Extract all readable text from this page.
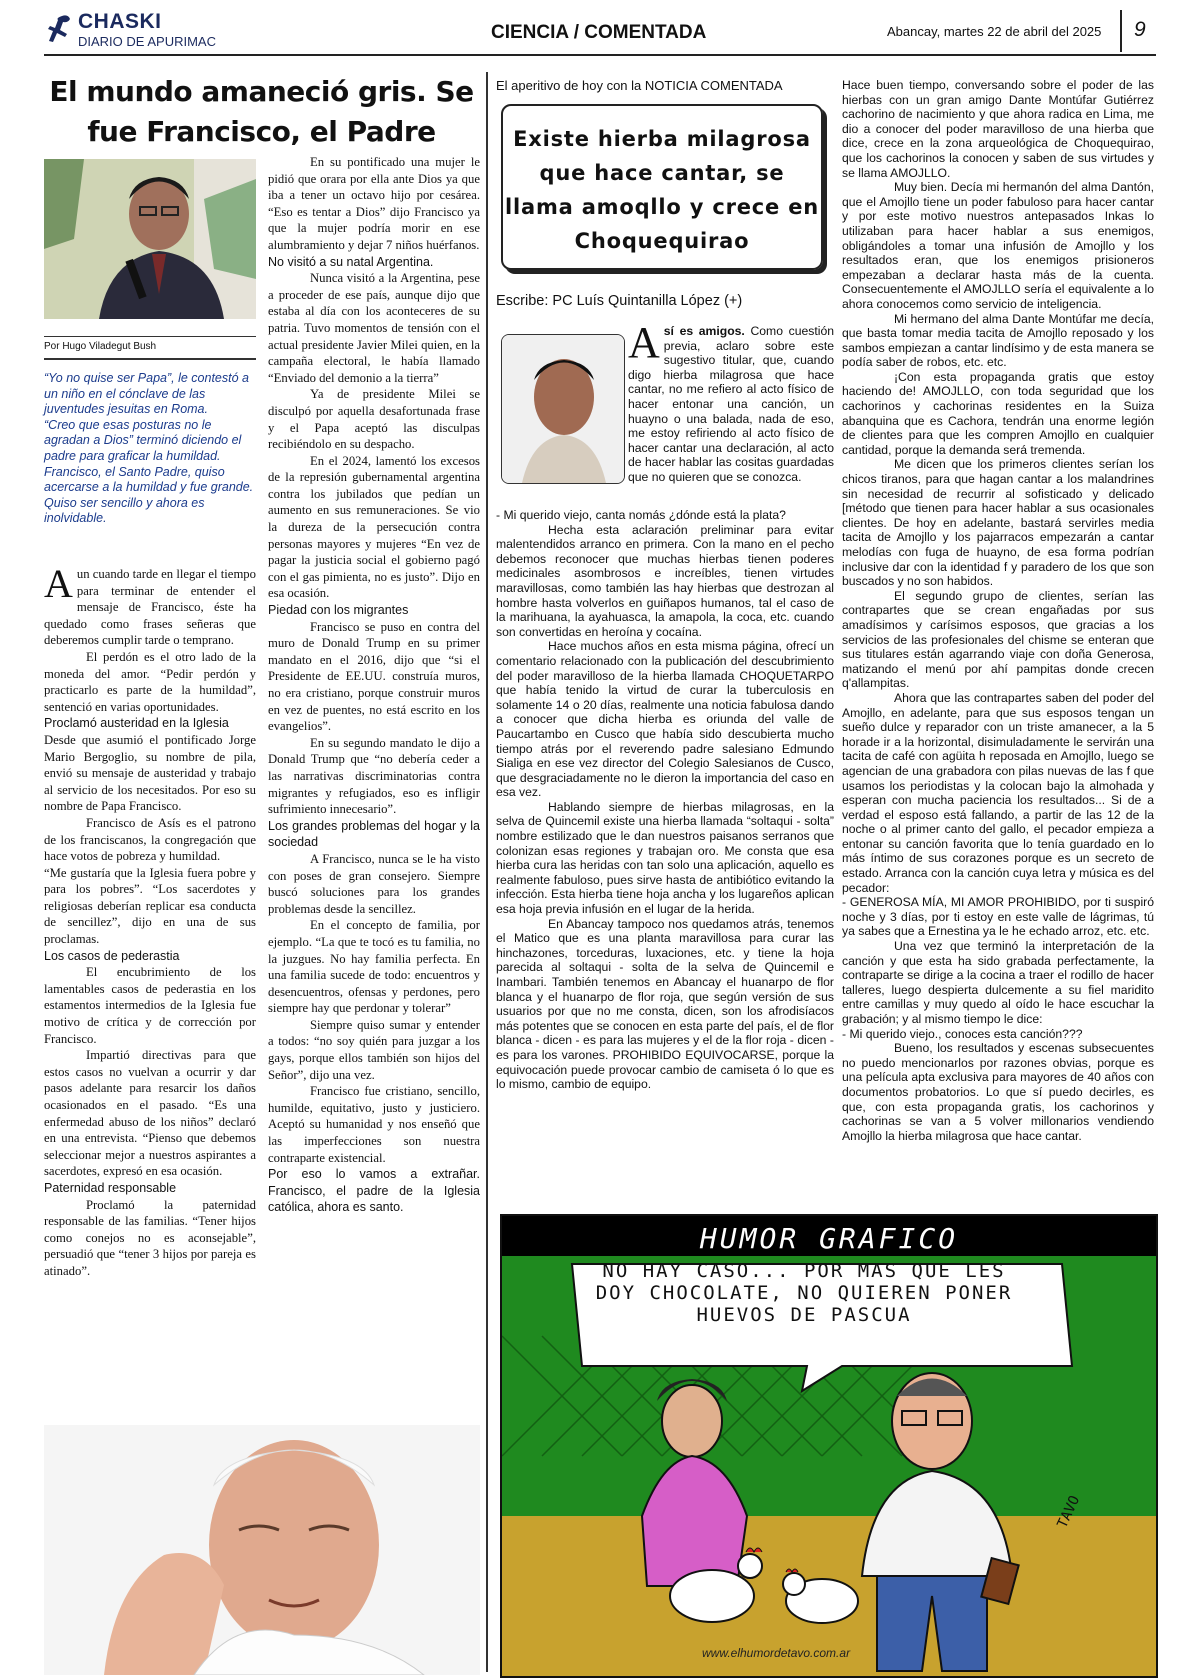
CHASKI
DIARIO DE APURIMAC	CIENCIA / COMENTADA	Abancay, martes 22 de abril del 2025 9
El mundo amaneció gris. Se fue Francisco, el Padre
Por Hugo Viladegut Bush
“Yo no quise ser Papa”, le contestó a un niño en el cónclave de las juventudes jesuitas en Roma.
“Creo que esas posturas no le agradan a Dios” terminó diciendo el padre para graficar la humildad.
Francisco, el Santo Padre, quiso acercarse a la humildad y fue grande.
Quiso ser sencillo y ahora es inolvidable.

Aun cuando tarde en llegar el tiempo para terminar de entender el mensaje de Francisco, éste ha quedado como frases señeras que deberemos cumplir tarde o temprano.

El perdón es el otro lado de la moneda del amor. “Pedir perdón y practicarlo es parte de la humildad”, sentenció en varias oportunidades.

Proclamó austeridad en la Iglesia

Desde que asumió el pontificado Jorge Mario Bergoglio, su nombre de pila, envió su mensaje de austeridad y trabajo al servicio de los necesitados. Por eso su nombre de Papa Francisco.

Francisco de Asís es el patrono de los franciscanos, la congregación que hace votos de pobreza y humildad.

“Me gustaría que la Iglesia fuera pobre y para los pobres”. “Los sacerdotes y religiosas deberían replicar esa conducta de sencillez”, dijo en una de sus proclamas.

Los casos de pederastia

El encubrimiento de los lamentables casos de pederastia en los estamentos intermedios de la Iglesia fue motivo de crítica y de corrección por Francisco.

Impartió directivas para que estos casos no vuelvan a ocurrir y dar pasos adelante para resarcir los daños ocasionados en el pasado. “Es una enfermedad abuso de los niños” declaró en una entrevista. “Pienso que debemos seleccionar mejor a nuestros aspirantes a sacerdotes, expresó en esa ocasión.

Paternidad responsable

Proclamó la paternidad responsable de las familias. “Tener hijos como conejos no es aconsejable”, persuadió que “tener 3 hijos por pareja es atinado”.

En su pontificado una mujer le pidió que orara por ella ante Dios ya que iba a tener un octavo hijo por cesárea. “Eso es tentar a Dios” dijo Francisco ya que la mujer podría morir en ese alumbramiento y dejar 7 niños huérfanos.

No visitó a su natal Argentina.

Nunca visitó a la Argentina, pese a proceder de ese país, aunque dijo que estaba al día con los aconteceres de su patria. Tuvo momentos de tensión con el actual presidente Javier Milei quien, en la campaña electoral, le había llamado “Enviado del demonio a la tierra”

Ya de presidente Milei se disculpó por aquella desafortunada frase y el Papa aceptó las disculpas recibiéndolo en su despacho.

En el 2024, lamentó los excesos de la represión gubernamental argentina contra los jubilados que pedían un aumento en sus remuneraciones. Se vio la dureza de la persecución contra personas mayores y mujeres “En vez de pagar la justicia social el gobierno pagó con el gas pimienta, no es justo”. Dijo en esa ocasión.

Piedad con los migrantes

Francisco se puso en contra del muro de Donald Trump en su primer mandato en el 2016, dijo que “si el Presidente de EE.UU. construía muros, no era cristiano, porque construir muros en vez de puentes, no está escrito en los evangelios”.

En su segundo mandato le dijo a Donald Trump que “no debería ceder a las narrativas discriminatorias contra migrantes y refugiados, eso es infligir sufrimiento innecesario”.

Los grandes problemas del hogar y la sociedad

A Francisco, nunca se le ha visto con poses de gran consejero. Siempre buscó soluciones para los grandes problemas desde la sencillez.

En el concepto de familia, por ejemplo. “La que te tocó es tu familia, no la juzgues. No hay familia perfecta. En una familia sucede de todo: encuentros y desencuentros, ofensas y perdones, pero siempre hay que perdonar y tolerar”

Siempre quiso sumar y entender a todos: “no soy quién para juzgar a los gays, porque ellos también son hijos del Señor”, dijo una vez.

Francisco fue cristiano, sencillo, humilde, equitativo, justo y justiciero. Aceptó su humanidad y nos enseñó que las imperfecciones son nuestra contraparte existencial.

Por eso lo vamos a extrañar. Francisco, el padre de la Iglesia católica, ahora es santo.

El aperitivo de hoy con la NOTICIA COMENTADA
Existe hierba milagrosa que hace cantar, se llama amoqllo y crece en Choquequirao
Escribe: PC Luís Quintanilla López (+)

Así es amigos. Como cuestión previa, aclaro sobre este sugestivo titular, que, cuando digo hierba milagrosa que hace cantar, no me refiero al acto físico de hacer entonar una canción, un huayno o una balada, nada de eso, me estoy refiriendo al acto físico de hacer cantar una declaración, al acto de hacer hablar las cositas guardadas que no quieren que se conozca.

- Mi querido viejo, canta nomás ¿dónde está la plata?

Hecha esta aclaración preliminar para evitar malentendidos arranco en primera. Con la mano en el pecho debemos reconocer que muchas hierbas tienen poderes medicinales asombrosos e increíbles, tienen virtudes maravillosas, como también las hay hierbas que destrozan al hombre hasta volverlos en guiñapos humanos, tal el caso de la marihuana, la ayahuasca, la amapola, la coca, etc. cuando son convertidas en heroína y cocaína.

Hace muchos años en esta misma página, ofrecí un comentario relacionado con la publicación del descubrimiento del poder maravilloso de la hierba llamada CHOQUETARPO que había tenido la virtud de curar la tuberculosis en solamente 14 o 20 días, realmente una noticia fabulosa dando a conocer que dicha hierba es oriunda del valle de Paucartambo en Cusco que había sido descubierta mucho tiempo atrás por el reverendo padre salesiano Edmundo Sialiga en ese vez director del Colegio Salesianos de Cusco, que desgraciadamente no le dieron la importancia del caso en esa vez.

Hablando siempre de hierbas milagrosas, en la selva de Quincemil existe una hierba llamada “soltaqui - solta” nombre estilizado que le dan nuestros paisanos serranos que colonizan esas regiones y trabajan oro. Me consta que esa hierba cura las heridas con tan solo una aplicación, aquello es realmente fabuloso, pues sirve hasta de antibiótico evitando la infección. Esta hierba tiene hoja ancha y los lugareños aplican esa hoja previa infusión en el lugar de la herida.

En Abancay tampoco nos quedamos atrás, tenemos el Matico que es una planta maravillosa para curar las hinchazones, torceduras, luxaciones, etc. y tiene la hoja parecida al soltaqui - solta de la selva de Quincemil e Inambari. También tenemos en Abancay el huanarpo de flor blanca y el huanarpo de flor roja, que según versión de sus usuarios por que no me consta, dicen, son los afrodisíacos más potentes que se conocen en esta parte del país, el de flor blanca - dicen - es para las mujeres y el de la flor roja - dicen - es para los varones. PROHIBIDO EQUIVOCARSE, porque la equivocación puede provocar cambio de camiseta ó lo que es lo mismo, cambio de equipo.

Hace buen tiempo, conversando sobre el poder de las hierbas con un gran amigo Dante Montúfar Gutiérrez cachorino de nacimiento y que ahora radica en Lima, me dio a conocer del poder maravilloso de una hierba que dice, crece en la zona arqueológica de Choquequirao, que los cachorinos la conocen y saben de sus virtudes y se llama AMOJLLO.

Muy bien. Decía mi hermanón del alma Dantón, que el Amojllo tiene un poder fabuloso para hacer cantar y por este motivo nuestros antepasados Inkas lo utilizaban para hacer hablar a sus enemigos, obligándoles a tomar una infusión de Amojllo y los resultados eran, que los enemigos prisioneros empezaban a declarar hasta más de la cuenta. Consecuentemente el AMOJLLO sería el equivalente a lo ahora conocemos como servicio de inteligencia.

Mi hermano del alma Dante Montúfar me decía, que basta tomar media tacita de Amojllo reposado y los sambos empiezan a cantar lindísimo y de esta manera se podía saber de robos, etc. etc.

¡Con esta propaganda gratis que estoy haciendo de! AMOJLLO, con toda seguridad que los cachorinos y cachorinas residentes en la Suiza abanquina que es Cachora, tendrán una enorme legión de clientes para que les compren Amojllo en cualquier cantidad, porque la demanda será tremenda.

Me dicen que los primeros clientes serían los chicos tiranos, para que hagan cantar a los malandrines sin necesidad de recurrir al sofisticado y delicado [método que tienen para hacer hablar a sus ocasionales clientes. De hoy en adelante, bastará servirles media tacita de Amojllo y los pajarracos empezarán a cantar melodías con fuga de huayno, de esa forma podrían inclusive dar con la identidad f y paradero de los que son buscados y no son habidos.

El segundo grupo de clientes, serían las contrapartes que se crean engañadas por sus amadísimos y carísimos esposos, que gracias a los servicios de las profesionales del chisme se enteran que sus titulares están agarrando viaje con doña Generosa, matizando el menú por ahí pampitas donde crecen q'allampitas.

Ahora que las contrapartes saben del poder del Amojllo, en adelante, para que sus esposos tengan un sueño dulce y reparador con un triste amanecer, a la 5 horade ir a la horizontal, disimuladamente le servirán una tacita de café con agüita h reposada en Amojllo, luego se agencian de una grabadora con pilas nuevas de las f que usamos los periodistas y la colocan bajo la almohada y esperan con mucha paciencia los resultados... Si de a verdad el esposo está fallando, a partir de las 12 de la noche o al primer canto del gallo, el pecador empieza a entonar su canción favorita que lo tenía guardado en lo más íntimo de sus corazones porque es un secreto de estado. Arranca con la canción cuya letra y música es del pecador:

- GENEROSA MÍA, MI AMOR PROHIBIDO, por ti suspiró noche y 3 días, por ti estoy en este valle de lágrimas, tú ya sabes que a Ernestina ya le he echado arroz, etc. etc.

Una vez que terminó la interpretación de la canción y que esta ha sido grabada perfectamente, la contraparte se dirige a la cocina a traer el rodillo de hacer talleres, luego despierta dulcemente a su fiel maridito entre camillas y muy quedo al oído le hace escuchar la grabación; y al mismo tiempo le dice:

- Mi querido viejo., conoces esta canción???

Bueno, los resultados y escenas subsecuentes no puedo mencionarlos por razones obvias, porque es una película apta exclusiva para mayores de 40 años con documentos probatorios. Lo que sí puedo decirles, es que, con esta propaganda gratis, los cachorinos y cachorinas se van a 5 volver millonarios vendiendo Amojllo la hierba milagrosa que hace cantar.

HUMOR GRAFICO
NO HAY CASO... POR MAS QUE LES DOY CHOCOLATE, NO QUIEREN PONER HUEVOS DE PASCUA
TAVO
www.elhumordetavo.com.ar
